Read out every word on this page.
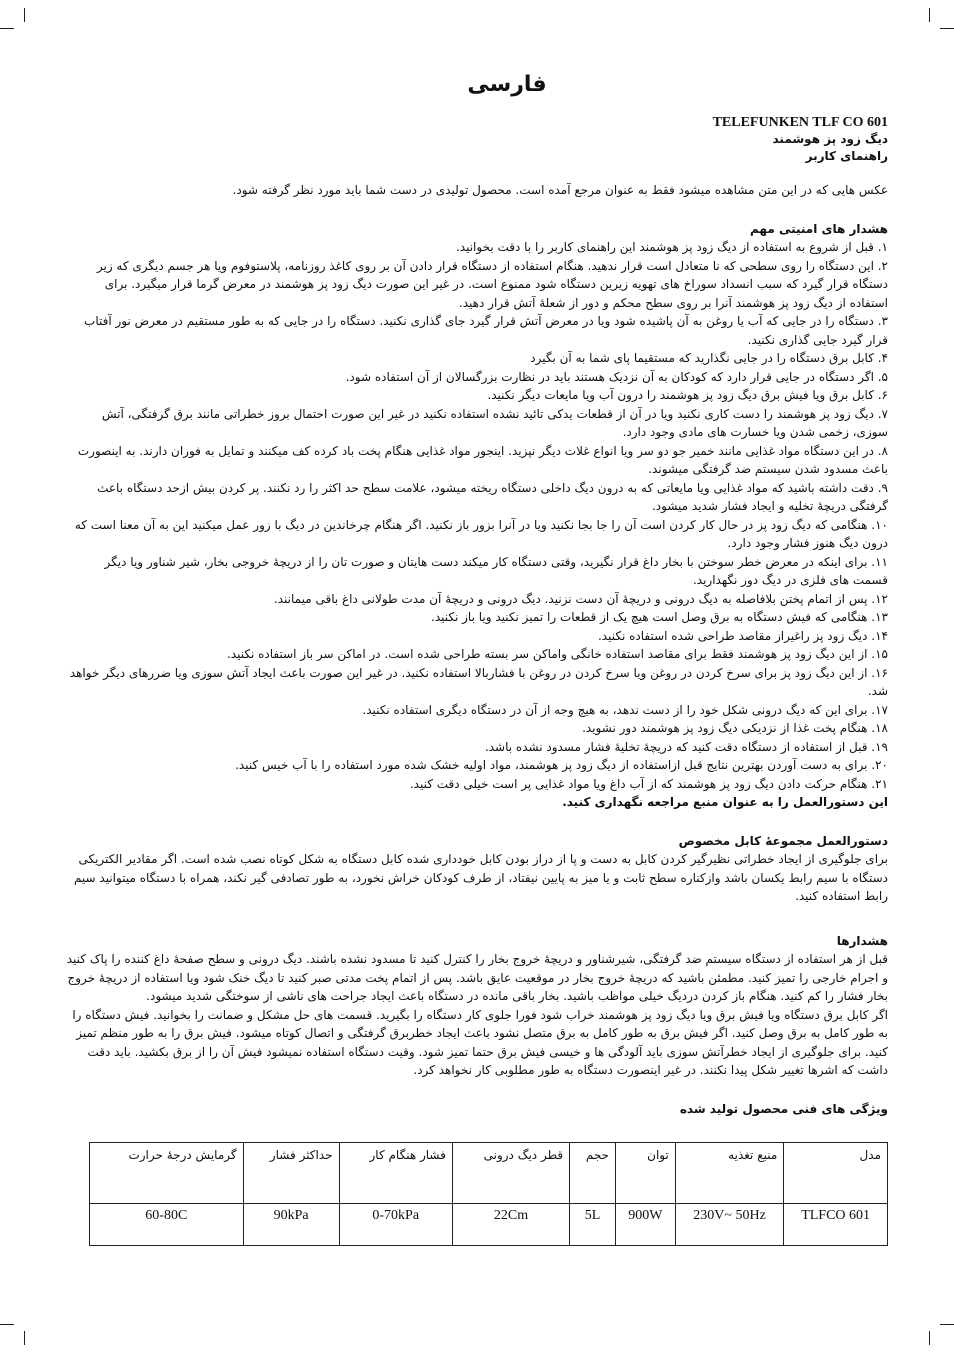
فارسی
TELEFUNKEN TLF CO 601
دیگ زود پز هوشمند
راهنمای کاربر

عکس هایی که در این متن مشاهده میشود فقط به عنوان مرجع آمده است. محصول تولیدی در دست شما باید مورد نظر گرفته شود.

هشدار های امنیتی مهم
۱. قبل از شروع به استفاده از دیگ زود پز هوشمند این راهنمای کاربر را با دقت بخوانید.
۲. این دستگاه را روی سطحی که نا متعادل است قرار ندهید. هنگام استفاده از دستگاه قرار دادن آن بر روی کاغذ روزنامه، پلاستوفوم ویا هر جسم دیگری که زیر دستگاه قرار گیرد که سبب انسداد سوراخ های تهویه زیرین دستگاه شود ممنوع است. در غیر این صورت دیگ زود پز هوشمند در معرض گرما قرار میگیرد. برای استفاده از دیگ زود پز هوشمند آنرا بر روی سطح محکم و دور از شعلۀ آتش قرار دهید.
۳. دستگاه را در جایی که آب یا روغن به آن پاشیده شود ویا در معرض آتش قرار گیرد جای گذاری نکنید. دستگاه را در جایی که به طور مستقیم در معرض نور آفتاب قرار گیرد جایی گذاری نکنید.
۴. کابل برق دستگاه را در جایی نگذارید که مستقیما پای شما به آن بگیرد
۵. اگر دستگاه در جایی قرار دارد که کودکان به آن نزدیک هستند باید در نظارت بزرگسالان از آن استفاده شود.
۶. کابل برق ویا فیش برق دیگ زود پز هوشمند را درون آب ویا مایعات دیگر نکنید.
۷. دیگ زود پز هوشمند را دست کاری نکنید ویا در آن از قطعات یدکی تائید نشده استفاده نکنید در غیر این صورت احتمال بروز خطراتی مانند برق گرفتگی، آتش سوزی، زخمی شدن ویا خسارت های مادی وجود دارد.
۸. در این دستگاه مواد غذایی مانند خمیر جو دو سر ویا انواع غلات دیگر نپزید. اینجور مواد غذایی هنگام پخت باد کرده کف میکنند و تمایل به فوران دارند. به اینصورت باعث مسدود شدن سیستم ضد گرفتگی میشوند.
۹. دقت داشته باشید که مواد غذایی ویا مایعاتی که به درون دیگ داخلی دستگاه ریخته میشود، علامت سطح حد اکثر را رد نکنند. پر کردن بیش ازحد دستگاه باعث گرفتگی دریچۀ تخلیه و ایجاد فشار شدید میشود.
۱۰. هنگامی که دیگ زود پز در حال کار کردن است آن را جا بجا نکنید ویا در آنرا بزور باز نکنید. اگر هنگام چرخاندین در دیگ با زور عمل میکنید این به آن معنا است که درون دیگ هنوز فشار وجود دارد.
۱۱. برای اینکه در معرض خطر سوختن با بخار داغ قرار نگیرید، وقتی دستگاه کار میکند دست هایتان و صورت تان را از دریچۀ خروجی بخار، شیر شناور ویا دیگر قسمت های فلزی در دیگ دور نگهدارید.
۱۲. پس از اتمام پختن بلافاصله به دیگ درونی و دریچۀ آن دست نزنید. دیگ درونی و دریچۀ آن مدت طولانی داغ باقی میمانند.
۱۳. هنگامی که فیش دستگاه به برق وصل است هیچ یک از قطعات را تمیز نکنید ویا باز نکنید.
۱۴. دیگ زود پز راغیراز مقاصد طراحی شده استفاده نکنید.
۱۵. از این دیگ زود پز هوشمند فقط برای مقاصد استفاده خانگی واماکن سر بسته طراحی شده است. در اماکن سر باز استفاده نکنید.
۱۶. از این دیگ زود پز برای سرخ کردن در روغن ویا سرخ کردن در روغن با فشاربالا استفاده نکنید. در غیر این صورت باعث ایجاد آتش سوزی ویا ضررهای دیگر خواهد شد.
۱۷. برای این که دیگ درونی شکل خود را از دست ندهد، به هیچ وجه از آن در دستگاه دیگری استفاده نکنید.
۱۸. هنگام پخت غذا از نزدیکی دیگ زود پز هوشمند دور نشوید.
۱۹. قبل از استفاده از دستگاه دقت کنید که دریچۀ تخلیۀ فشار مسدود نشده باشد.
۲۰. برای به دست آوردن بهترین نتایج قبل ازاستفاده از دیگ زود پز هوشمند، مواد اولیه خشک شده مورد استفاده را با آب خیس کنید.
۲۱. هنگام حرکت دادن دیگ زود پز هوشمند که از آب داغ ویا مواد غذایی پر است خیلی دقت کنید.
این دستورالعمل را به عنوان منبع مراجعه نگهداری کنید.
دستورالعمل مجموعۀ کابل مخصوص

برای جلوگیری از ایجاد خطراتی نظیرگیر کردن کابل به دست و پا از دراز بودن کابل خودداری شده کابل دستگاه به شکل کوتاه نصب شده است. اگر مقادیر الکتریکی دستگاه با سیم رابط یکسان باشد وازکناره سطح ثابت و یا میز به پایین نیفتاد، از طرف کودکان خراش نخورد، به طور تصادفی گیر نکند، همراه با دستگاه میتوانید سیم رابط استفاده کنید.

هشدارها

قبل از هر استفاده از دستگاه سیستم ضد گرفتگی، شیرشناور و دریچۀ خروج بخار را کنترل کنید تا مسدود نشده باشند. دیگ درونی و سطح صفحۀ داغ کننده را پاک کنید و اجرام خارجی را تمیز کنید. مطمئن باشید که دریچۀ خروج بخار در موقعیت عایق باشد. پس از اتمام پخت مدتی صبر کنید تا دیگ خنک شود ویا استفاده از دریچۀ خروج بخار فشار را کم کنید. هنگام باز کردن دردیگ خیلی مواظب باشید. بخار باقی مانده در دستگاه باعث ایجاد جراحت های ناشی از سوختگی شدید میشود.

اگر کابل برق دستگاه ویا فیش برق ویا دیگ زود پز هوشمند خراب شود فورا جلوی کار دستگاه را بگیرید. قسمت های حل مشکل و ضمانت را بخوانید. فیش دستگاه را به طور کامل به برق وصل کنید. اگر فیش برق به طور کامل به برق متصل نشود باعث ایجاد خطربرق گرفتگی و اتصال کوتاه میشود. فیش برق را به طور منظم تمیز کنید. برای جلوگیری از ایجاد خطرآتش سوزی باید آلودگی ها و خیسی فیش برق حتما تمیز شود. وقیت دستگاه استفاده نمیشود فیش آن را از برق بکشید. باید دقت داشت که اشرها تغییر شکل پیدا نکنند. در غیر اینصورت دستگاه به طور مطلوبی کار نخواهد کرد.

ویژگی های فنی محصول تولید شده
مدل	منبع تغذیه	توان	حجم	قطر دیگ درونی	فشار هنگام کار	حداکثر فشار	گرمایش درجۀ حرارت
TLFCO 601	230V~ 50Hz	900W	5L	22Cm	0-70kPa	90kPa	60-80C
